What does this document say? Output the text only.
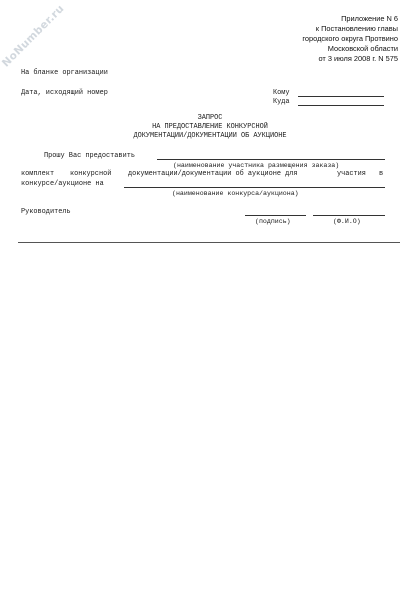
NoNumber.ru	Приложение N 6
к Постановлению главы
городского округа Протвино
Московской области
от 3 июля 2008 г. N 575
На бланке организации
Дата, исходящий номер	Кому
Куда
ЗАПРОС
НА ПРЕДОСТАВЛЕНИЕ КОНКУРСНОЙ
ДОКУМЕНТАЦИИ/ДОКУМЕНТАЦИИ ОБ АУКЦИОНЕ
Прошу Вас предоставить
(наименование участника размещения заказа)
комплект конкурсной документации/документации об аукционе для	участия в
конкурсе/аукционе на
(наименование конкурса/аукциона)
Руководитель
(подпись)	(Ф.И.О)
